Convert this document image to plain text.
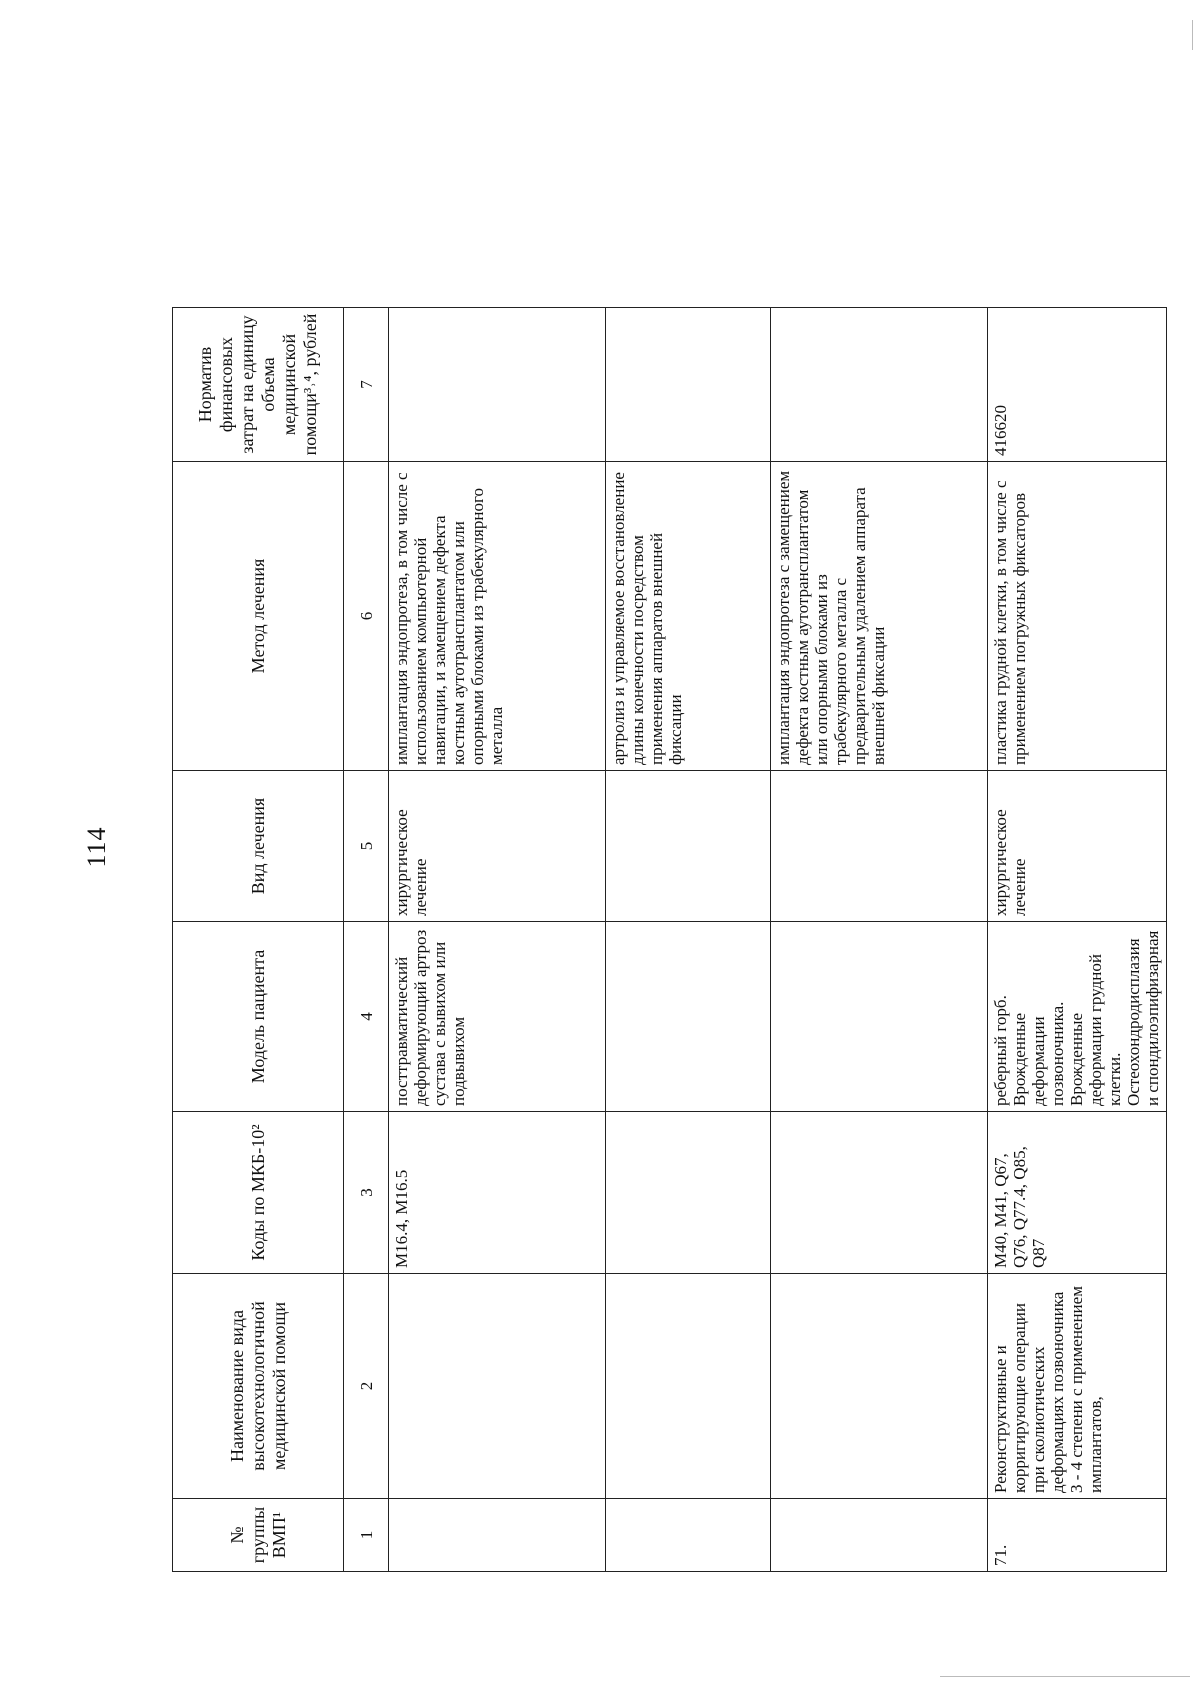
114
№ группы ВМП¹	Наименование вида высокотехнологичной медицинской помощи	Коды по МКБ-10²	Модель пациента	Вид лечения	Метод лечения	Норматив финансовых затрат на единицу объема медицинской помощи³˒⁴, рублей
1	2	3	4	5	6	7
		M16.4, M16.5	посттравматический деформирующий артроз сустава с вывихом или подвывихом	хирургическое лечение	имплантация эндопротеза, в том числе с использованием компьютерной навигации, и замещением дефекта костным аутотрансплантатом или опорными блоками из трабекулярного металла	
					артролиз и управляемое восстановление длины конечности посредством применения аппаратов внешней фиксации	
					имплантация эндопротеза с замещением дефекта костным аутотрансплантатом или опорными блоками из трабекулярного металла с предварительным удалением аппарата внешней фиксации	
71.	Реконструктивные и корригирующие операции при сколиотических деформациях позвоночника 3 - 4 степени с применением имплантатов,	M40, M41, Q67, Q76, Q77.4, Q85, Q87	реберный горб. Врожденные деформации позвоночника. Врожденные деформации грудной клетки. Остеохондродисплазия и спондилоэпифизарная	хирургическое лечение	пластика грудной клетки, в том числе с применением погружных фиксаторов	416620
